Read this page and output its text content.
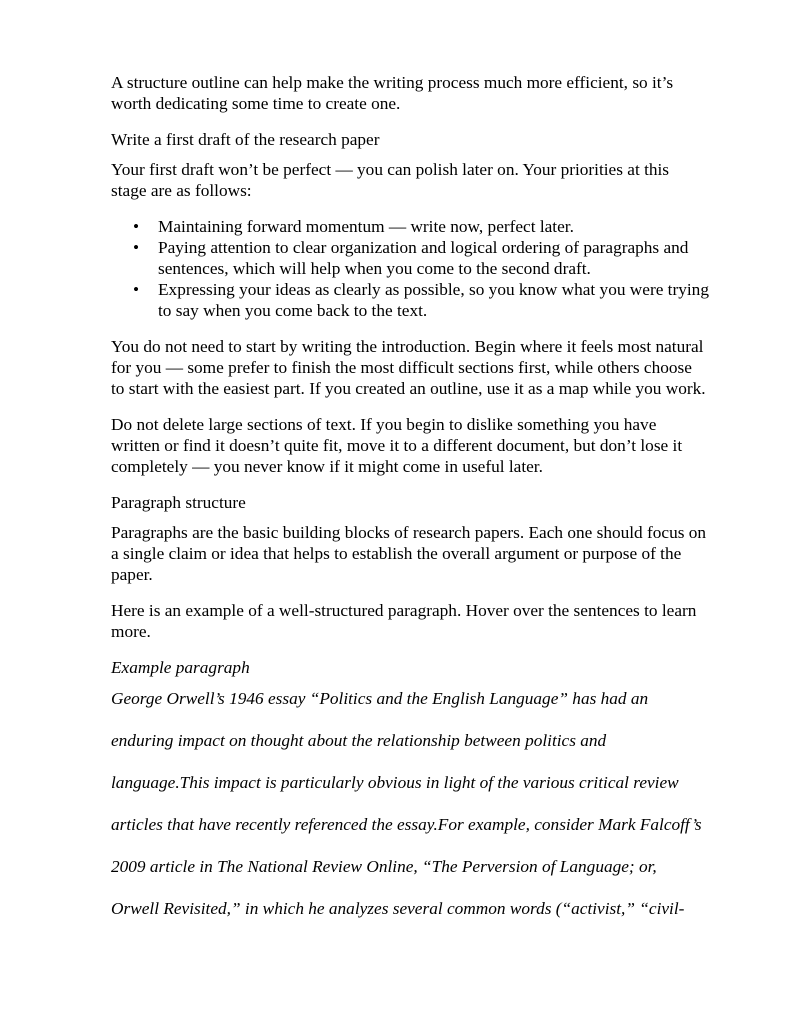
A structure outline can help make the writing process much more efficient, so it’s
worth dedicating some time to create one.

Write a first draft of the research paper

Your first draft won’t be perfect — you can polish later on. Your priorities at this
stage are as follows:

• Maintaining forward momentum — write now, perfect later.
• Paying attention to clear organization and logical ordering of paragraphs and
sentences, which will help when you come to the second draft.
• Expressing your ideas as clearly as possible, so you know what you were trying
to say when you come back to the text.

You do not need to start by writing the introduction. Begin where it feels most natural
for you — some prefer to finish the most difficult sections first, while others choose
to start with the easiest part. If you created an outline, use it as a map while you work.

Do not delete large sections of text. If you begin to dislike something you have
written or find it doesn’t quite fit, move it to a different document, but don’t lose it
completely — you never know if it might come in useful later.

Paragraph structure

Paragraphs are the basic building blocks of research papers. Each one should focus on
a single claim or idea that helps to establish the overall argument or purpose of the
paper.

Here is an example of a well-structured paragraph. Hover over the sentences to learn
more.

Example paragraph

George Orwell’s 1946 essay “Politics and the English Language” has had an
enduring impact on thought about the relationship between politics and
language.This impact is particularly obvious in light of the various critical review
articles that have recently referenced the essay.For example, consider Mark Falcoff’s
2009 article in The National Review Online, “The Perversion of Language; or,
Orwell Revisited,” in which he analyzes several common words (“activist,” “civil-
